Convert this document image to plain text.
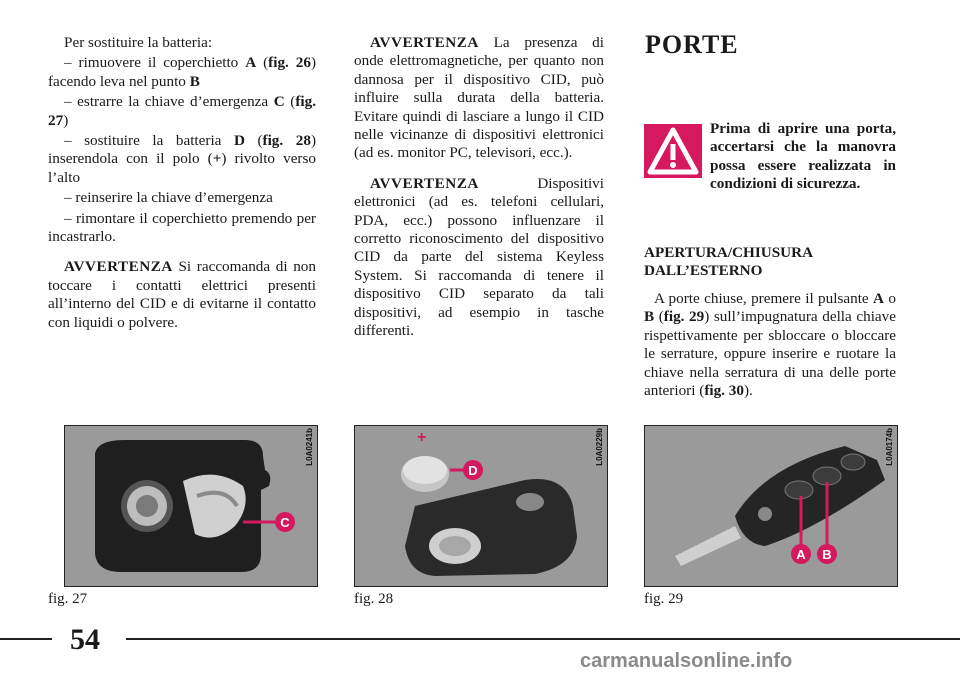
Per sostituire la batteria:

– rimuovere il coperchietto A (fig. 26) facendo leva nel punto B

– estrarre la chiave d’emergenza C (fig. 27)

– sostituire la batteria D (fig. 28) inserendola con il polo (+) rivolto verso l’alto

– reinserire la chiave d’emergenza

– rimontare il coperchietto premendo per incastrarlo.

AVVERTENZA Si raccomanda di non toccare i contatti elettrici presenti all’interno del CID e di evitarne il contatto con liquidi o polvere.

AVVERTENZA La presenza di onde elettromagnetiche, per quanto non dannosa per il dispositivo CID, può influire sulla durata della batteria. Evitare quindi di lasciare a lungo il CID nelle vicinanze di dispositivi elettronici (ad es. monitor PC, televisori, ecc.).

AVVERTENZA Dispositivi elettronici (ad es. telefoni cellulari, PDA, ecc.) possono influenzare il corretto riconoscimento del dispositivo CID da parte del sistema Keyless System. Si raccomanda di tenere il dispositivo CID separato da tali dispositivi, ad esempio in tasche differenti.

PORTE
Prima di aprire una porta, accertarsi che la manovra possa essere realizzata in condizioni di sicurezza.
APERTURA/CHIUSURA DALL’ESTERNO

A porte chiuse, premere il pulsante A o B (fig. 29) sull’impugnatura della chiave rispettivamente per sbloccare o bloccare le serrature, oppure inserire e ruotare la chiave nella serratura di una delle porte anteriori (fig. 30).

C
L0A0241b
fig. 27
+
D
L0A0229b
fig. 28
A B
L0A0174b
fig. 29
54
carmanualsonline.info
